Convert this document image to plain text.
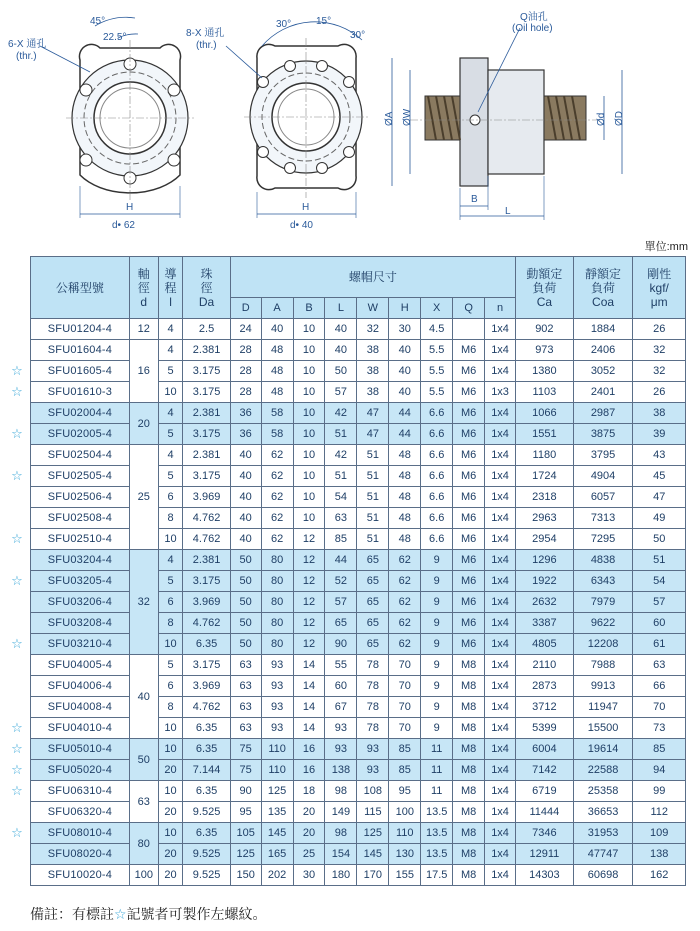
6-X 通孔
(thr.)
45°
22.5°
H
d• 62
8-X 通孔
(thr.)
30° 15°
30°
H
d• 40
Q油孔
(Oil hole)
ØA ØW	Ød ØD
B
L
單位:mm
☆
☆
☆
☆
☆
☆
☆
☆
☆
☆
☆
☆
公稱型號	軸
徑
d	導
程
l	珠
徑
Da	螺帽尺寸									動額定
負荷
Ca	靜額定
負荷
Coa	剛性
kgf/
μm
				D	A	B	L	W	H	X	Q	n			
SFU01204-4	12	4	2.5	24	40	10	40	32	30	4.5		1x4	902	1884	26
SFU01604-4	16	4	2.381	28	48	10	40	38	40	5.5	M6	1x4	973	2406	32
SFU01605-4		5	3.175	28	48	10	50	38	40	5.5	M6	1x4	1380	3052	32
SFU01610-3		10	3.175	28	48	10	57	38	40	5.5	M6	1x3	1103	2401	26
SFU02004-4	20	4	2.381	36	58	10	42	47	44	6.6	M6	1x4	1066	2987	38
SFU02005-4		5	3.175	36	58	10	51	47	44	6.6	M6	1x4	1551	3875	39
SFU02504-4	25	4	2.381	40	62	10	42	51	48	6.6	M6	1x4	1180	3795	43
SFU02505-4		5	3.175	40	62	10	51	51	48	6.6	M6	1x4	1724	4904	45
SFU02506-4		6	3.969	40	62	10	54	51	48	6.6	M6	1x4	2318	6057	47
SFU02508-4		8	4.762	40	62	10	63	51	48	6.6	M6	1x4	2963	7313	49
SFU02510-4		10	4.762	40	62	12	85	51	48	6.6	M6	1x4	2954	7295	50
SFU03204-4	32	4	2.381	50	80	12	44	65	62	9	M6	1x4	1296	4838	51
SFU03205-4		5	3.175	50	80	12	52	65	62	9	M6	1x4	1922	6343	54
SFU03206-4		6	3.969	50	80	12	57	65	62	9	M6	1x4	2632	7979	57
SFU03208-4		8	4.762	50	80	12	65	65	62	9	M6	1x4	3387	9622	60
SFU03210-4		10	6.35	50	80	12	90	65	62	9	M6	1x4	4805	12208	61
SFU04005-4	40	5	3.175	63	93	14	55	78	70	9	M8	1x4	2110	7988	63
SFU04006-4		6	3.969	63	93	14	60	78	70	9	M8	1x4	2873	9913	66
SFU04008-4		8	4.762	63	93	14	67	78	70	9	M8	1x4	3712	11947	70
SFU04010-4		10	6.35	63	93	14	93	78	70	9	M8	1x4	5399	15500	73
SFU05010-4	50	10	6.35	75	110	16	93	93	85	11	M8	1x4	6004	19614	85
SFU05020-4		20	7.144	75	110	16	138	93	85	11	M8	1x4	7142	22588	94
SFU06310-4	63	10	6.35	90	125	18	98	108	95	11	M8	1x4	6719	25358	99
SFU06320-4		20	9.525	95	135	20	149	115	100	13.5	M8	1x4	11444	36653	112
SFU08010-4	80	10	6.35	105	145	20	98	125	110	13.5	M8	1x4	7346	31953	109
SFU08020-4		20	9.525	125	165	25	154	145	130	13.5	M8	1x4	12911	47747	138
SFU10020-4	100	20	9.525	150	202	30	180	170	155	17.5	M8	1x4	14303	60698	162
備註：有標註☆記號者可製作左螺紋。
